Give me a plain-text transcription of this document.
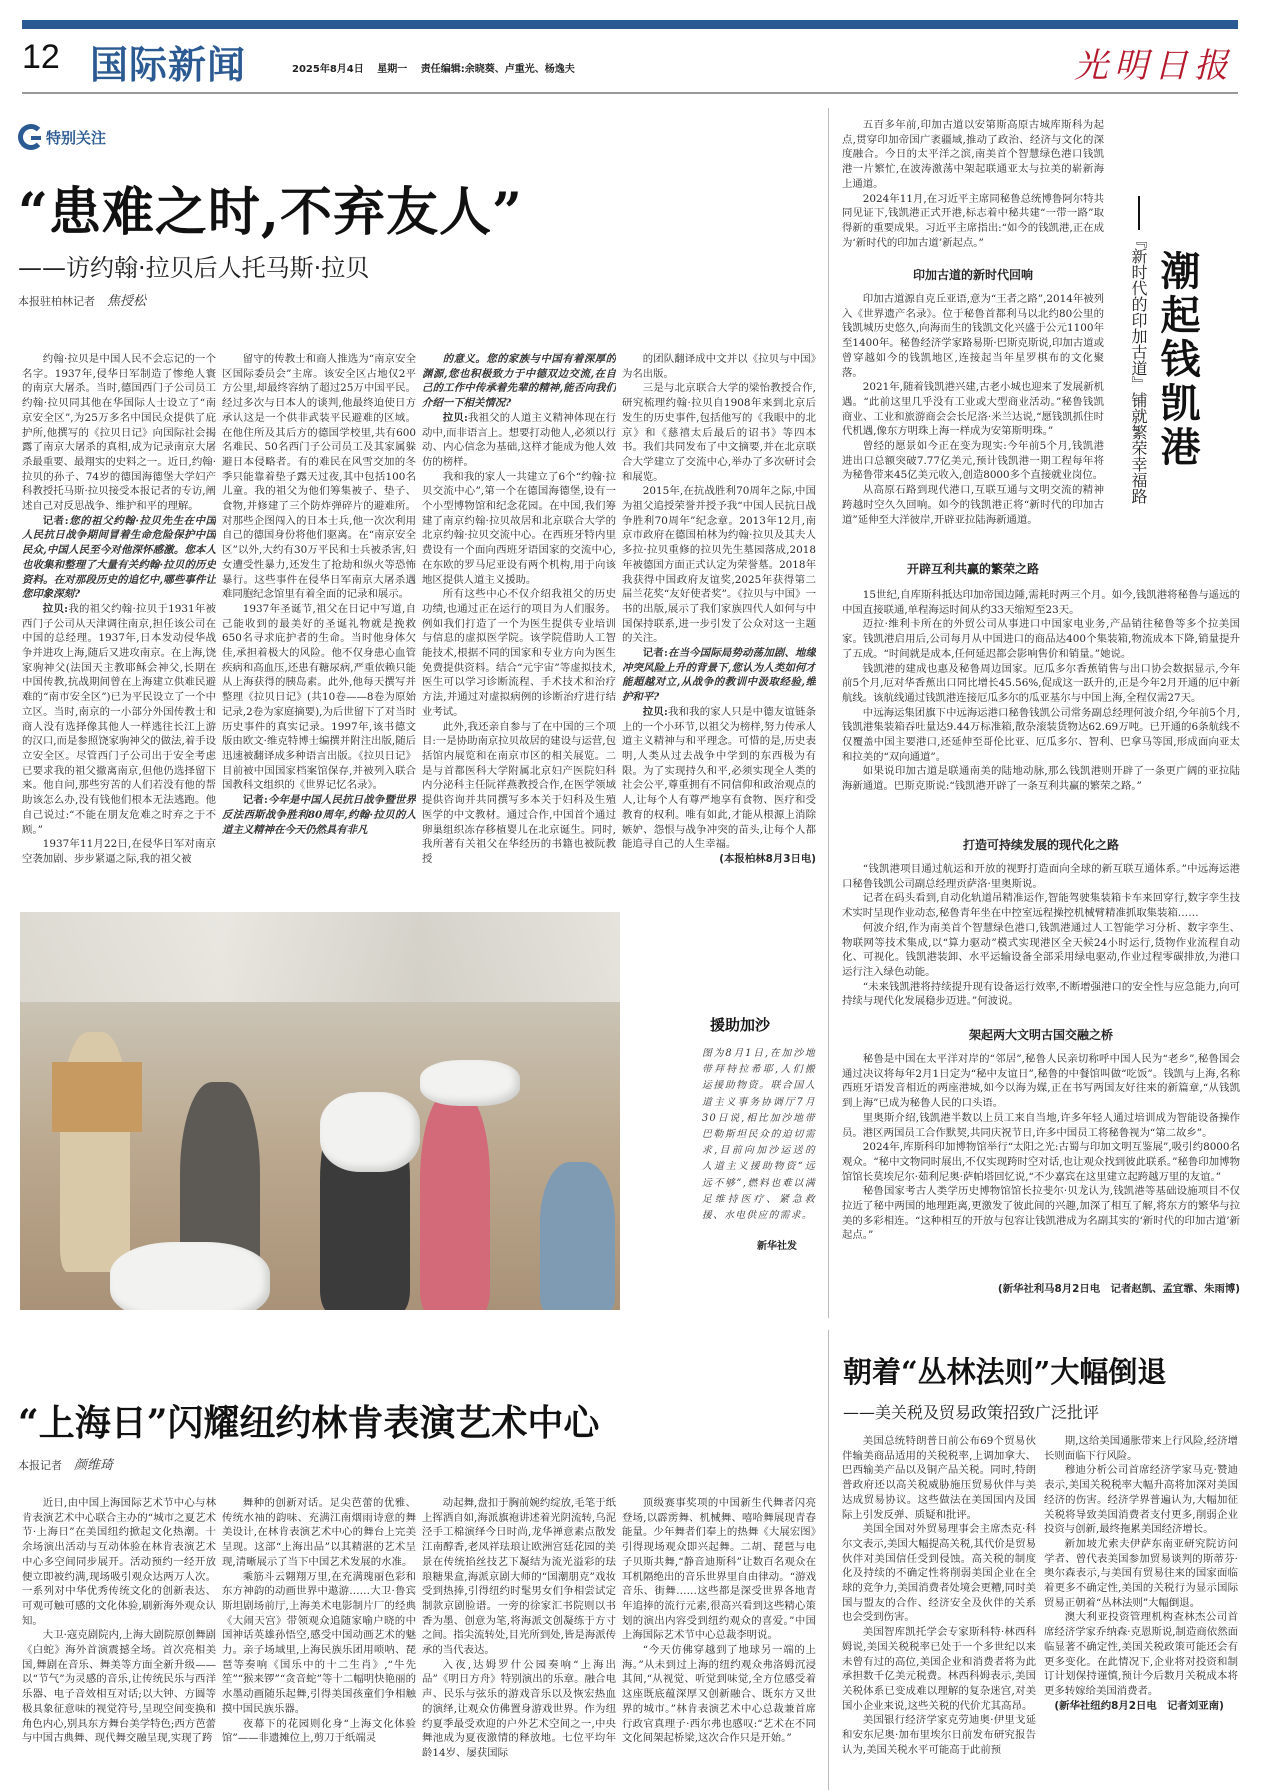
12 国际新闻	2025年8月4日 星期一 责任编辑:余晓葵、卢重光、杨逸夫	光明日报
特别关注
“患难之时,不弃友人”
——访约翰·拉贝后人托马斯·拉贝
本报驻柏林记者 焦授松

约翰·拉贝是中国人民不会忘记的一个名字。1937年,侵华日军制造了惨绝人寰的南京大屠杀。当时,德国西门子公司员工约翰·拉贝同其他在华国际人士设立了“南京安全区”,为25万多名中国民众提供了庇护所,他撰写的《拉贝日记》向国际社会揭露了南京大屠杀的真相,成为记录南京大屠杀最重要、最翔实的史料之一。近日,约翰·拉贝的孙子、74岁的德国海德堡大学妇产科教授托马斯·拉贝接受本报记者的专访,阐述自己对反思战争、维护和平的理解。

记者:您的祖父约翰·拉贝先生在中国人民抗日战争期间冒着生命危险保护中国民众,中国人民至今对他深怀感激。您本人也收集和整理了大量有关约翰·拉贝的历史资料。在对那段历史的追忆中,哪些事件让您印象深刻?

拉贝:我的祖父约翰·拉贝于1931年被西门子公司从天津调往南京,担任该公司在中国的总经理。1937年,日本发动侵华战争并进攻上海,随后又进攻南京。在上海,饶家驹神父(法国天主教耶稣会神父,长期在中国传教,抗战期间曾在上海建立供难民避难的“南市安全区”)已为平民设立了一个中立区。当时,南京的一小部分外国传教士和商人没有选择像其他人一样逃往长江上游的汉口,而是参照饶家驹神父的做法,着手设立安全区。尽管西门子公司出于安全考虑已要求我的祖父撤离南京,但他仍选择留下来。他自问,那些穷苦的人们若没有他的帮助该怎么办,没有钱他们根本无法逃跑。他自己说过:“不能在朋友危难之时弃之于不顾。”

1937年11月22日,在侵华日军对南京空袭加剧、步步紧逼之际,我的祖父被

留守的传教士和商人推选为“南京安全区国际委员会”主席。该安全区占地仅2平方公里,却最终容纳了超过25万中国平民。经过多次与日本人的谈判,他最终迫使日方承认这是一个供非武装平民避难的区域。在他住所及其后方的德国学校里,共有600名难民、50名西门子公司员工及其家属躲避日本侵略者。有的难民在风雪交加的冬季只能靠着垫子露天过夜,其中包括100名儿童。我的祖父为他们筹集被子、垫子、食物,并修建了三个防炸弹碎片的避难所。对那些企图闯入的日本士兵,他一次次利用自己的德国身份将他们驱离。在“南京安全区”以外,大约有30万平民和士兵被杀害,妇女遭受性暴力,还发生了抢劫和纵火等恐怖暴行。这些事件在侵华日军南京大屠杀遇难同胞纪念馆里有着全面的记录和展示。

1937年圣诞节,祖父在日记中写道,自己能收到的最美好的圣诞礼物就是挽救650名寻求庇护者的生命。当时他身体欠佳,承担着极大的风险。他不仅身患心血管疾病和高血压,还患有糖尿病,严重依赖只能从上海获得的胰岛素。此外,他每天撰写并整理《拉贝日记》(共10卷——8卷为原始记录,2卷为家庭摘要),为后世留下了对当时历史事件的真实记录。1997年,该书德文版由欧文·维克特博士编撰并附注出版,随后迅速被翻译成多种语言出版。《拉贝日记》目前被中国国家档案馆保存,并被列入联合国教科文组织的《世界记忆名录》。

记者:今年是中国人民抗日战争暨世界反法西斯战争胜利80周年,约翰·拉贝的人道主义精神在今天仍然具有非凡

的意义。您的家族与中国有着深厚的渊源,您也积极致力于中德双边交流,在自己的工作中传承着先辈的精神,能否向我们介绍一下相关情况?

拉贝:我祖父的人道主义精神体现在行动中,而非语言上。想要打动他人,必须以行动、内心信念为基础,这样才能成为他人效仿的榜样。

我和我的家人一共建立了6个“约翰·拉贝交流中心”,第一个在德国海德堡,设有一个小型博物馆和纪念花园。在中国,我们筹建了南京约翰·拉贝故居和北京联合大学的北京约翰·拉贝交流中心。在西班牙特内里费设有一个面向西班牙语国家的交流中心,在东欧的罗马尼亚设有两个机构,用于向该地区提供人道主义援助。

所有这些中心不仅介绍我祖父的历史功绩,也通过正在运行的项目为人们服务。例如我们打造了一个为医生提供专业培训与信息的虚拟医学院。该学院借助人工智能技术,根据不同的国家和专业方向为医生免费提供资料。结合“元宇宙”等虚拟技术,医生可以学习诊断流程、手术技术和治疗方法,并通过对虚拟病例的诊断治疗进行结业考试。

此外,我还亲自参与了在中国的三个项目:一是协助南京拉贝故居的建设与运营,包括馆内展览和在南京市区的相关展览。二是与首都医科大学附属北京妇产医院妇科内分泌科主任阮祥燕教授合作,在医学领域提供咨询并共同撰写多本关于妇科及生殖医学的中文教材。通过合作,中国首个通过卵巢组织冻存移植婴儿在北京诞生。同时,我所著有关祖父在华经历的书籍也被阮教授

的团队翻译成中文并以《拉贝与中国》为名出版。

三是与北京联合大学的梁怡教授合作,研究梳理约翰·拉贝自1908年来到北京后发生的历史事件,包括他写的《我眼中的北京》和《慈禧太后最后的诏书》等四本书。我们共同发布了中文摘要,并在北京联合大学建立了交流中心,举办了多次研讨会和展览。

2015年,在抗战胜利70周年之际,中国为祖父追授荣誉并授予我“中国人民抗日战争胜利70周年”纪念章。2013年12月,南京市政府在德国柏林为约翰·拉贝及其夫人多拉·拉贝重修的拉贝先生墓园落成,2018年被德国方面正式认定为荣誉墓。2018年我获得中国政府友谊奖,2025年获得第二届兰花奖“友好使者奖”。《拉贝与中国》一书的出版,展示了我们家族四代人如何与中国保持联系,进一步引发了公众对这一主题的关注。

记者:在当今国际局势动荡加剧、地缘冲突风险上升的背景下,您认为人类如何才能超越对立,从战争的教训中汲取经验,维护和平?

拉贝:我和我的家人只是中德友谊链条上的一个小环节,以祖父为榜样,努力传承人道主义精神与和平理念。可惜的是,历史表明,人类从过去战争中学到的东西极为有限。为了实现持久和平,必须实现全人类的社会公平,尊重拥有不同信仰和政治观点的人,让每个人有尊严地享有食物、医疗和受教育的权利。唯有如此,才能从根源上消除嫉妒、怨恨与战争冲突的苗头,让每个人都能追寻自己的人生幸福。

(本报柏林8月3日电)
『新时代的印加古道』铺就繁荣幸福路 潮起钱凯港

五百多年前,印加古道以安第斯高原古城库斯科为起点,贯穿印加帝国广袤疆域,推动了政治、经济与文化的深度融合。今日的太平洋之滨,南美首个智慧绿色港口钱凯港一片繁忙,在波涛激荡中架起联通亚太与拉美的崭新海上通道。

2024年11月,在习近平主席同秘鲁总统博鲁阿尔特共同见证下,钱凯港正式开港,标志着中秘共建“一带一路”取得新的重要成果。习近平主席指出:“如今的钱凯港,正在成为‘新时代的印加古道’新起点。”

印加古道的新时代回响

印加古道源自克丘亚语,意为“王者之路”,2014年被列入《世界遗产名录》。位于秘鲁首都利马以北约80公里的钱凯城历史悠久,向海而生的钱凯文化兴盛于公元1100年至1400年。秘鲁经济学家路易斯·巴斯克斯说,印加古道或曾穿越如今的钱凯地区,连接起当年星罗棋布的文化聚落。

2021年,随着钱凯港兴建,古老小城也迎来了发展新机遇。“此前这里几乎没有工业或大型商业活动。”秘鲁钱凯商业、工业和旅游商会会长尼洛·米兰达说,“愿钱凯抓住时代机遇,像东方明珠上海一样成为安第斯明珠。”

曾经的愿景如今正在变为现实:今年前5个月,钱凯港进出口总额突破7.77亿美元,预计钱凯港一期工程每年将为秘鲁带来45亿美元收入,创造8000多个直接就业岗位。

从高原石路到现代港口,互联互通与文明交流的精神跨越时空久久回响。如今的钱凯港正将“新时代的印加古道”延伸至大洋彼岸,开辟亚拉陆海新通道。

开辟互利共赢的繁荣之路

15世纪,自库斯科抵达印加帝国边陲,需耗时两三个月。如今,钱凯港将秘鲁与遥远的中国直接联通,单程海运时间从约33天缩短至23天。

迈拉·维利卡所在的外贸公司从事进口中国家电业务,产品销往秘鲁等多个拉美国家。钱凯港启用后,公司每月从中国进口的商品达400个集装箱,物流成本下降,销量提升了五成。“时间就是成本,任何延迟都会影响售价和销量。”她说。

钱凯港的建成也惠及秘鲁周边国家。厄瓜多尔香蕉销售与出口协会数据显示,今年前5个月,厄对华香蕉出口同比增长45.56%,促成这一跃升的,正是今年2月开通的厄中新航线。该航线通过钱凯港连接厄瓜多尔的瓜亚基尔与中国上海,全程仅需27天。

中远海运集团旗下中远海运港口秘鲁钱凯公司常务副总经理何波介绍,今年前5个月,钱凯港集装箱吞吐量达9.44万标准箱,散杂滚装货物达62.69万吨。已开通的6条航线不仅覆盖中国主要港口,还延伸至哥伦比亚、厄瓜多尔、智利、巴拿马等国,形成面向亚太和拉美的“双向通道”。

如果说印加古道是联通南美的陆地动脉,那么钱凯港则开辟了一条更广阔的亚拉陆海新通道。巴斯克斯说:“钱凯港开辟了一条互利共赢的繁荣之路。”

打造可持续发展的现代化之路

“钱凯港项目通过航运和开放的视野打造面向全球的新互联互通体系。”中远海运港口秘鲁钱凯公司副总经理贡萨洛·里奥斯说。

记者在码头看到,自动化轨道吊精准运作,智能驾驶集装箱卡车来回穿行,数字孪生技术实时呈现作业动态,秘鲁青年坐在中控室远程操控机械臂精准抓取集装箱……

何波介绍,作为南美首个智慧绿色港口,钱凯港通过人工智能学习分析、数字孪生、物联网等技术集成,以“算力驱动”模式实现港区全天候24小时运行,货物作业流程自动化、可视化。钱凯港装卸、水平运输设备全部采用绿电驱动,作业过程零碳排放,为港口运行注入绿色动能。

“未来钱凯港将持续提升现有设备运行效率,不断增强港口的安全性与应急能力,向可持续与现代化发展稳步迈进。”何波说。

架起两大文明古国交融之桥

秘鲁是中国在太平洋对岸的“邻居”,秘鲁人民亲切称呼中国人民为“老乡”,秘鲁国会通过决议将每年2月1日定为“秘中友谊日”,秘鲁的中餐馆叫做“吃饭”。钱凯与上海,名称西班牙语发音相近的两座港城,如今以海为媒,正在书写两国友好往来的新篇章,“从钱凯到上海”已成为秘鲁人民的口头语。

里奥斯介绍,钱凯港半数以上员工来自当地,许多年轻人通过培训成为智能设备操作员。港区两国员工合作默契,共同庆祝节日,许多中国员工将秘鲁视为“第二故乡”。

2024年,库斯科印加博物馆举行“太阳之光:古蜀与印加文明互鉴展”,吸引约8000名观众。“秘中文物同时展出,不仅实现跨时空对话,也让观众找到彼此联系。”秘鲁印加博物馆馆长莫埃尼尔·茹利尼奥·萨帕塔回忆说,“不少嘉宾在这里建立起跨越万里的友谊。”

秘鲁国家考古人类学历史博物馆馆长拉斐尔·贝龙认为,钱凯港等基础设施项目不仅拉近了秘中两国的地理距离,更激发了彼此间的兴趣,加深了相互了解,将东方的繁华与拉美的多彩相连。“这种相互的开放与包容让钱凯港成为名副其实的‘新时代的印加古道’新起点。”

(新华社利马8月2日电　记者赵凯、孟宜霏、朱雨博)
援助加沙
图为8月1日,在加沙地带拜特拉希耶,人们搬运援助物资。联合国人道主义事务协调厅7月30日说,相比加沙地带巴勒斯坦民众的迫切需求,目前向加沙运送的人道主义援助物资“远远不够”,燃料也难以满足维持医疗、紧急救援、水电供应的需求。
新华社发
“上海日”闪耀纽约林肯表演艺术中心
本报记者 颜维琦

近日,由中国上海国际艺术节中心与林肯表演艺术中心联合主办的“城市之夏艺术节·上海日”在美国纽约掀起文化热潮。十余场演出活动与互动体验在林肯表演艺术中心多空间同步展开。活动预约一经开放便立即被约满,现场吸引观众达两万人次。一系列对中华优秀传统文化的创新表达、可观可触可感的文化体验,刷新海外观众认知。

大卫·寇克剧院内,上海大剧院原创舞剧《白蛇》海外首演震撼全场。首次亮相美国,舞剧在音乐、舞美等方面全新升级——以“节气”为灵感的音乐,让传统民乐与西洋乐器、电子音效相互对话;以大钟、方圆等极具象征意味的视觉符号,呈现空间变换和角色内心,别具东方舞台美学特色;西方芭蕾与中国古典舞、现代舞交融呈现,实现了跨

舞种的创新对话。足尖芭蕾的优雅、传统水袖的韵味、充满江南烟雨诗意的舞美设计,在林肯表演艺术中心的舞台上完美呈现。这部“上海出品”以其精湛的艺术呈现,清晰展示了当下中国艺术发展的水准。

乘筋斗云翱翔万里,在充满瑰丽色彩和东方神韵的动画世界中遨游……大卫·鲁宾斯坦剧场前厅,上海美术电影制片厂的经典《大闹天宫》带领观众追随家喻户晓的中国神话英雄孙悟空,感受中国动画艺术的魅力。亲子场域里,上海民族乐团用唢呐、琵琶等奏响《国乐中的十二生肖》,“牛先笙”“猴来锣”“贪音蛇”等十二幅明快艳丽的水墨动画随乐起舞,引得美国孩童们争相触摸中国民族乐器。

夜幕下的花园则化身“上海文化体验馆”——非遗摊位上,剪刀于纸端灵

动起舞,盘扣于胸前婉约绽放,毛笔于纸上挥洒自如,海派旗袍讲述着光阴流转,乌泥泾手工棉演绎今日时尚,龙华禅意素点散发江南醇香,老凤祥珐琅让欧洲宫廷花园的美景在传统掐丝技艺下凝结为流光溢彩的珐琅糖果盒,海派京剧大师的“国潮朋克”戏妆受到热捧,引得纽约时髦男女们争相尝试定制款京剧脸谱。一旁的徐家汇书院则以书香为墨、创意为笔,将海派文创凝练于方寸之间。指尖流转处,目光所到处,皆是海派传承的当代表达。

入夜,达姆罗什公园奏响“上海出品”《明日方舟》特别演出的乐章。融合电声、民乐与弦乐的游戏音乐以及恢宏热血的演绎,让观众仿佛置身游戏世界。作为纽约夏季最受欢迎的户外艺术空间之一,中央舞池成为夏夜激情的释放地。七位平均年龄14岁、屡获国际

顶级赛事奖项的中国新生代舞者闪亮登场,以霹雳舞、机械舞、嘻哈舞展现青春能量。少年舞者们奉上的热舞《大展宏图》引得现场观众即兴起舞。二胡、琵琶与电子贝斯共舞,“静音迪斯科”让数百名观众在耳机隔绝出的音乐世界里自由律动。“游戏音乐、街舞……这些都是深受世界各地青年追捧的流行元素,很高兴看到这些精心策划的演出内容受到纽约观众的喜爱。”中国上海国际艺术节中心总裁李明说。

“今天仿佛穿越到了地球另一端的上海。”从未到过上海的纽约观众弗洛姆沉浸其间,“从视觉、听觉到味觉,全方位感受着这座既底蕴深厚又创新融合、既东方又世界的城市。”林肯表演艺术中心总裁兼首席行政官真理子·西尔弗也感叹:“艺术在不同文化间架起桥梁,这次合作只是开始。”

朝着“丛林法则”大幅倒退
——美关税及贸易政策招致广泛批评

美国总统特朗普日前公布69个贸易伙伴输美商品适用的关税税率,上调加拿大、巴西输美产品以及铜产品关税。同时,特朗普政府还以高关税威胁施压贸易伙伴与美达成贸易协议。这些做法在美国国内及国际上引发反弹、质疑和批评。

美国全国对外贸易理事会主席杰克·科尔文表示,美国大幅提高关税,其代价是贸易伙伴对美国信任受到侵蚀。高关税的制度化及持续的不确定性将削弱美国企业在全球的竞争力,美国消费者处境会更糟,同时美国与盟友的合作、经济安全及伙伴的关系也会受到伤害。

美国智库凯托学会专家斯科特·林西科姆说,美国关税税率已处于一个多世纪以来未曾有过的高位,美国企业和消费者将为此承担数千亿美元税费。林西科姆表示,美国关税体系已变成难以理解的复杂迷宫,对美国小企业来说,这些关税的代价尤其高昂。

美国银行经济学家克劳迪奥·伊里戈延和安东尼奥·加布里埃尔日前发布研究报告认为,美国关税水平可能高于此前预

期,这给美国通胀带来上行风险,经济增长则面临下行风险。

穆迪分析公司首席经济学家马克·赞迪表示,美国关税税率大幅升高将加深对美国经济的伤害。经济学界普遍认为,大幅加征关税将导致美国消费者支付更多,削弱企业投资与创新,最终拖累美国经济增长。

新加坡尤索夫伊萨东南亚研究院访问学者、曾代表美国参加贸易谈判的斯蒂芬·奥尔森表示,与美国有贸易往来的国家面临着更多不确定性,美国的关税行为显示国际贸易正朝着“丛林法则”大幅倒退。

澳大利亚投资管理机构查林杰公司首席经济学家乔纳森·克恩斯说,制造商依然面临显著不确定性,美国关税政策可能还会有更多变化。在此情况下,企业将对投资和制订计划保持谨慎,预计今后数月关税成本将更多转嫁给美国消费者。

(新华社纽约8月2日电　记者刘亚南)
